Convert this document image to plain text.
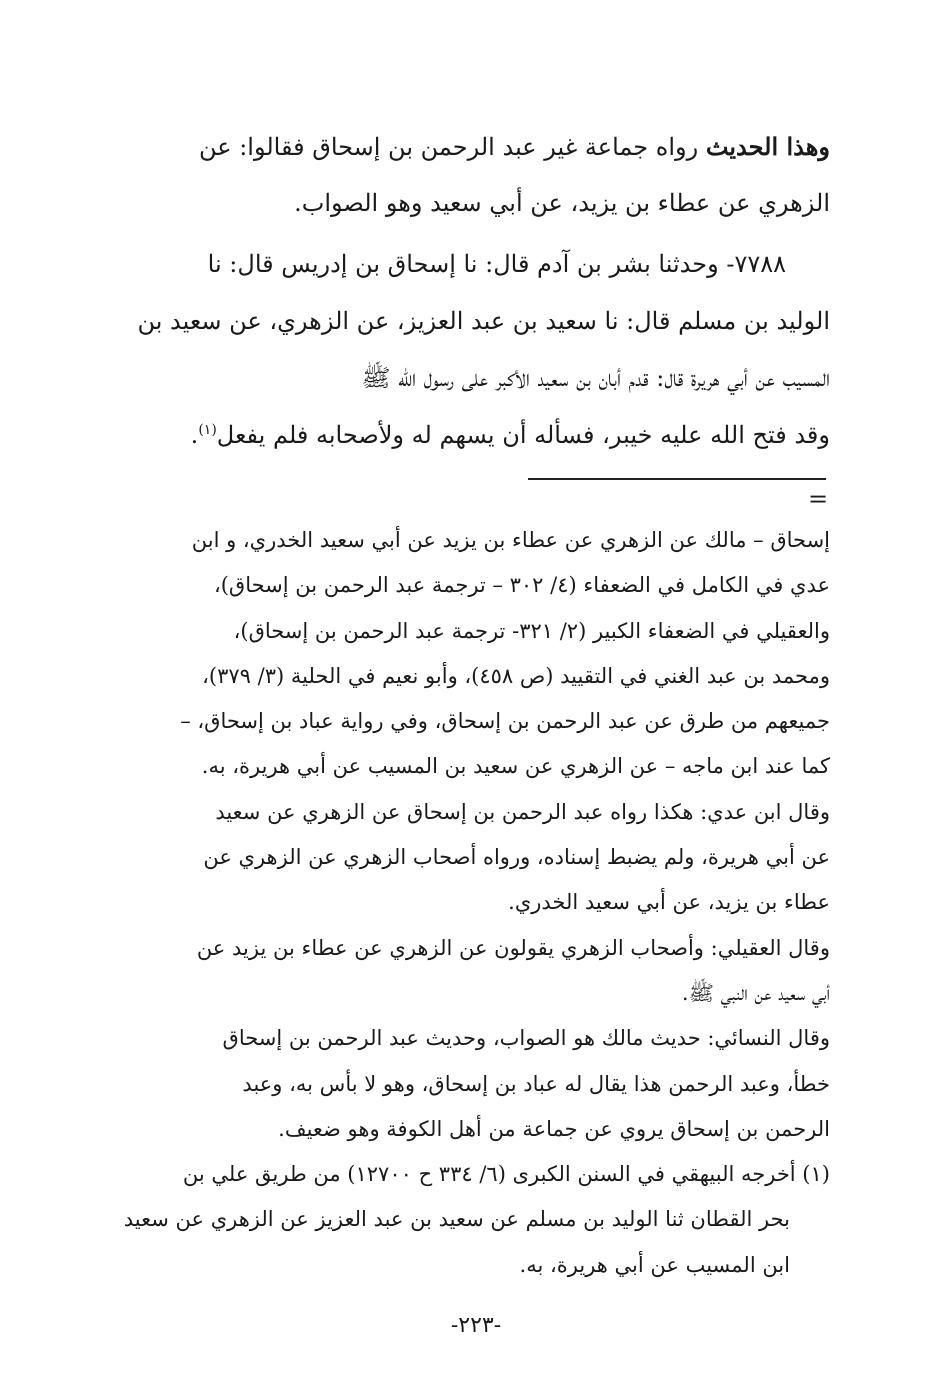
وهذا الحديث رواه جماعة غير عبد الرحمن بن إسحاق فقالوا: عن
الزهري عن عطاء بن يزيد، عن أبي سعيد وهو الصواب.
٧٧٨٨- وحدثنا بشر بن آدم قال: نا إسحاق بن إدريس قال: نا
الوليد بن مسلم قال: نا سعيد بن عبد العزيز، عن الزهري، عن سعيد بن
المسيب عن أبي هريرة قال: قدم أبان بن سعيد الأكبر على رسول الله ﷺ
وقد فتح الله عليه خيبر، فسأله أن يسهم له ولأصحابه فلم يفعل$^{(١)}$.
=
إسحاق – مالك عن الزهري عن عطاء بن يزيد عن أبي سعيد الخدري، و ابن
عدي في الكامل في الضعفاء (٤/ ٣٠٢ – ترجمة عبد الرحمن بن إسحاق)،
والعقيلي في الضعفاء الكبير (٢/ ٣٢١- ترجمة عبد الرحمن بن إسحاق)،
ومحمد بن عبد الغني في التقييد (ص ٤٥٨)، وأبو نعيم في الحلية (٣/ ٣٧٩)،
جميعهم من طرق عن عبد الرحمن بن إسحاق، وفي رواية عباد بن إسحاق، –
كما عند ابن ماجه – عن الزهري عن سعيد بن المسيب عن أبي هريرة، به.
وقال ابن عدي: هكذا رواه عبد الرحمن بن إسحاق عن الزهري عن سعيد
عن أبي هريرة، ولم يضبط إسناده، ورواه أصحاب الزهري عن الزهري عن
عطاء بن يزيد، عن أبي سعيد الخدري.
وقال العقيلي: وأصحاب الزهري يقولون عن الزهري عن عطاء بن يزيد عن
أبي سعيد عن النبي ﷺ.
وقال النسائي: حديث مالك هو الصواب، وحديث عبد الرحمن بن إسحاق
خطأ، وعبد الرحمن هذا يقال له عباد بن إسحاق، وهو لا بأس به، وعبد
الرحمن بن إسحاق يروي عن جماعة من أهل الكوفة وهو ضعيف.
(١) أخرجه البيهقي في السنن الكبرى (٦/ ٣٣٤ ح ١٢٧٠٠) من طريق علي بن
بحر القطان ثنا الوليد بن مسلم عن سعيد بن عبد العزيز عن الزهري عن سعيد
ابن المسيب عن أبي هريرة، به.
-٢٢٣-
